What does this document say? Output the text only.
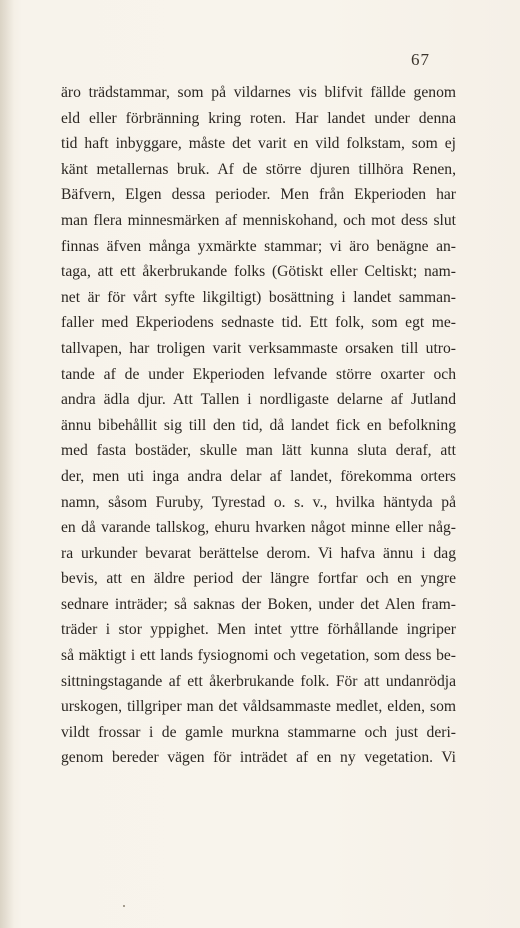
67
äro trädstammar, som på vildarnes vis blifvit fällde genom
eld eller förbränning kring roten. Har landet under denna
tid haft inbyggare, måste det varit en vild folkstam, som ej
känt metallernas bruk. Af de större djuren tillhöra Renen,
Bäfvern, Elgen dessa perioder. Men från Ekperioden har
man flera minnesmärken af menniskohand, och mot dess slut
finnas äfven många yxmärkte stammar; vi äro benägne an-
taga, att ett åkerbrukande folks (Götiskt eller Celtiskt; nam-
net är för vårt syfte likgiltigt) bosättning i landet samman-
faller med Ekperiodens sednaste tid. Ett folk, som egt me-
tallvapen, har troligen varit verksammaste orsaken till utro-
tande af de under Ekperioden lefvande större oxarter och
andra ädla djur. Att Tallen i nordligaste delarne af Jutland
ännu bibehållit sig till den tid, då landet fick en befolkning
med fasta bostäder, skulle man lätt kunna sluta deraf, att
der, men uti inga andra delar af landet, förekomma orters
namn, såsom Furuby, Tyrestad o. s. v., hvilka häntyda på
en då varande tallskog, ehuru hvarken något minne eller någ-
ra urkunder bevarat berättelse derom. Vi hafva ännu i dag
bevis, att en äldre period der längre fortfar och en yngre
sednare inträder; så saknas der Boken, under det Alen fram-
träder i stor yppighet. Men intet yttre förhållande ingriper
så mäktigt i ett lands fysiognomi och vegetation, som dess be-
sittningstagande af ett åkerbrukande folk. För att undanrödja
urskogen, tillgriper man det våldsammaste medlet, elden, som
vildt frossar i de gamle murkna stammarne och just deri-
genom bereder vägen för inträdet af en ny vegetation. Vi
